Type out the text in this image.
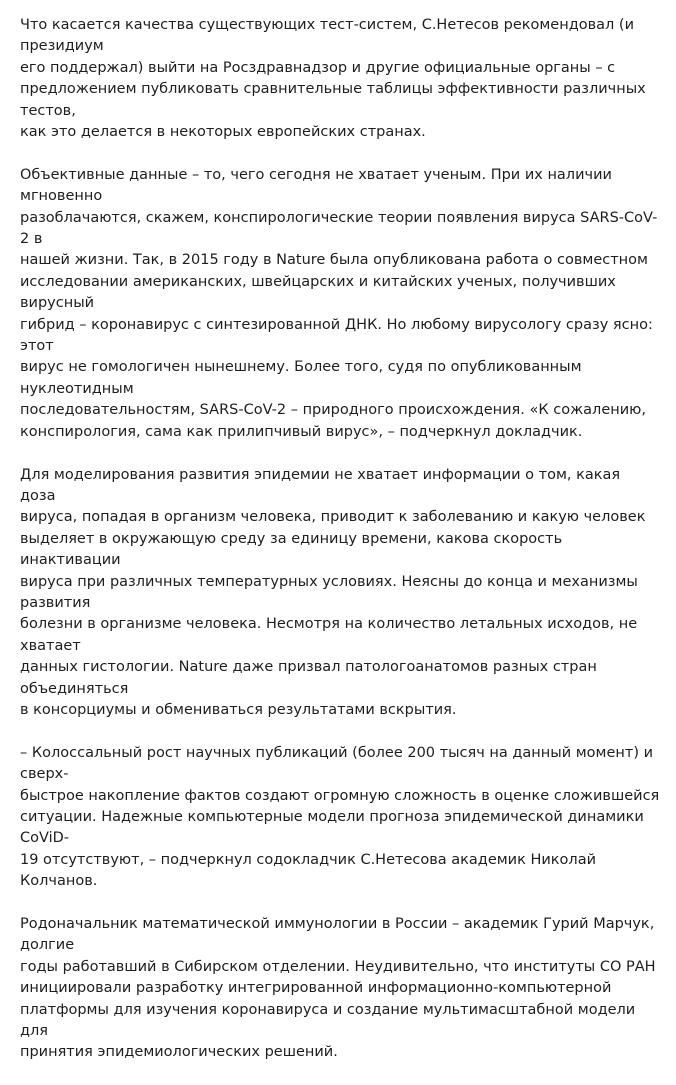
Что касается качества существующих тест-систем, С.Нетесов рекомендовал (и президиум
его поддержал) выйти на Росздравнадзор и другие официальные органы – с
предложением публиковать сравнительные таблицы эффективности различных тестов,
как это делается в некоторых европейских странах.

Объективные данные – то, чего сегодня не хватает ученым. При их наличии мгновенно
разоблачаются, скажем, конспирологические теории появления вируса SARS-CoV-2 в
нашей жизни. Так, в 2015 году в Nature была опубликована работа о совместном
исследовании американских, швейцарских и китайских ученых, получивших вирусный
гибрид – коронавирус с синтезированной ДНК. Но любому вирусологу сразу ясно: этот
вирус не гомологичен нынешнему. Более того, судя по опубликованным нуклеотидным
последовательностям, SARS-CoV-2 – природного происхождения. «К сожалению,
конспирология, сама как прилипчивый вирус», – подчеркнул докладчик.

Для моделирования развития эпидемии не хватает информации о том, какая доза
вируса, попадая в организм человека, приводит к заболеванию и какую человек
выделяет в окружающую среду за единицу времени, какова скорость инактивации
вируса при различных температурных условиях. Неясны до конца и механизмы развития
болезни в организме человека. Несмотря на количество летальных исходов, не хватает
данных гистологии. Nature даже призвал патологоанатомов разных стран объединяться
в консорциумы и обмениваться результатами вскрытия.

– Колоссальный рост научных публикаций (более 200 тысяч на данный момент) и сверх-
быстрое накопление фактов создают огромную сложность в оценке сложившейся
ситуации. Надежные компьютерные модели прогноза эпидемической динамики CoViD-
19 отсутствуют, – подчеркнул содокладчик С.Нетесова академик Николай Колчанов.

Родоначальник математической иммунологии в России – академик Гурий Марчук, долгие
годы работавший в Сибирском отделении. Неудивительно, что институты СО РАН
инициировали разработку интегрированной информационно-компьютерной
платформы для изучения коронавируса и создание мультимасштабной модели для
принятия эпидемиологических решений.
